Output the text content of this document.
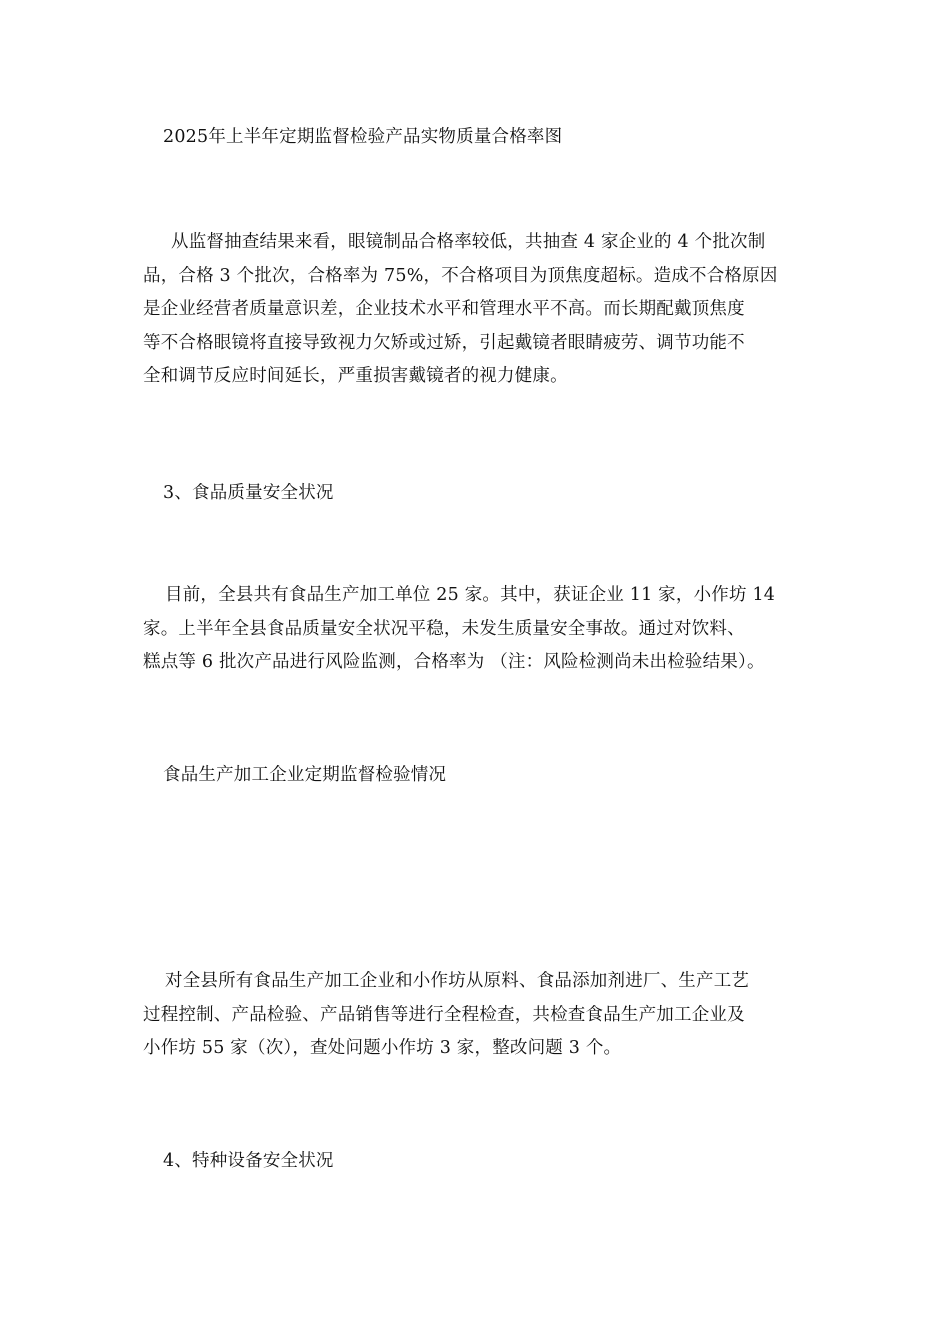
2025年上半年定期监督检验产品实物质量合格率图
从监督抽查结果来看，眼镜制品合格率较低，共抽查 4 家企业的 4 个批次制
品，合格 3 个批次，合格率为 75%，不合格项目为顶焦度超标。造成不合格原因
是企业经营者质量意识差，企业技术水平和管理水平不高。而长期配戴顶焦度
等不合格眼镜将直接导致视力欠矫或过矫，引起戴镜者眼睛疲劳、调节功能不
全和调节反应时间延长，严重损害戴镜者的视力健康。
3、食品质量安全状况
目前，全县共有食品生产加工单位 25 家。其中，获证企业 11 家，小作坊 14
家。上半年全县食品质量安全状况平稳，未发生质量安全事故。通过对饮料、
糕点等 6 批次产品进行风险监测，合格率为 （注：风险检测尚未出检验结果）。
食品生产加工企业定期监督检验情况
对全县所有食品生产加工企业和小作坊从原料、食品添加剂进厂、生产工艺
过程控制、产品检验、产品销售等进行全程检查，共检查食品生产加工企业及
小作坊 55 家（次），查处问题小作坊 3 家，整改问题 3 个。
4、特种设备安全状况
